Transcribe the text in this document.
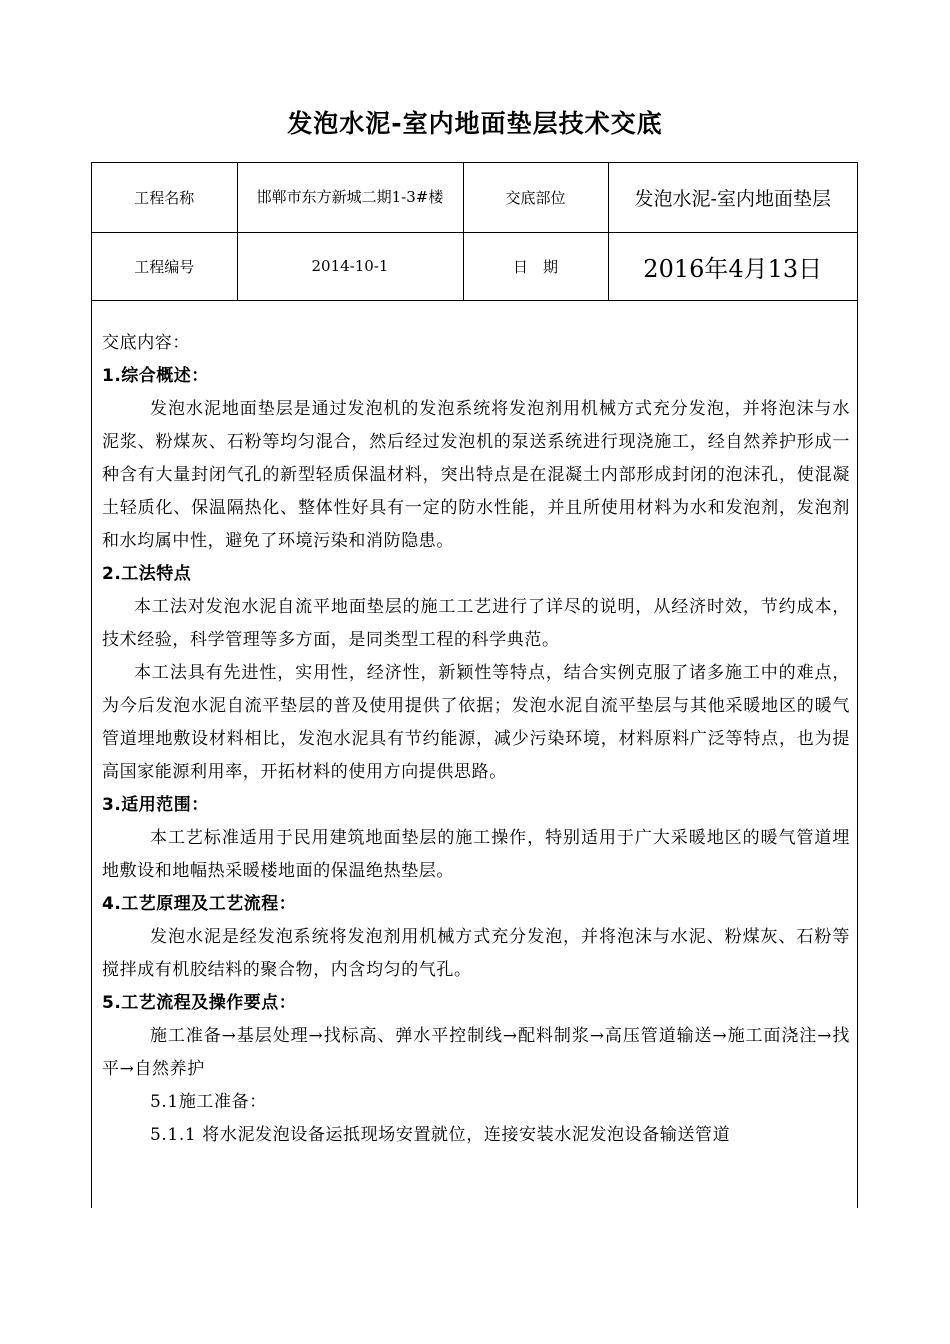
发泡水泥-室内地面垫层技术交底
工程名称	邯郸市东方新城二期1-3#楼	交底部位	发泡水泥-室内地面垫层
工程编号	2014-10-1	日　期	2016年4月13日

交底内容：

1.综合概述：

发泡水泥地面垫层是通过发泡机的发泡系统将发泡剂用机械方式充分发泡，并将泡沫与水泥浆、粉煤灰、石粉等均匀混合，然后经过发泡机的泵送系统进行现浇施工，经自然养护形成一种含有大量封闭气孔的新型轻质保温材料，突出特点是在混凝土内部形成封闭的泡沫孔，使混凝土轻质化、保温隔热化、整体性好具有一定的防水性能，并且所使用材料为水和发泡剂，发泡剂和水均属中性，避免了环境污染和消防隐患。

2.工法特点

本工法对发泡水泥自流平地面垫层的施工工艺进行了详尽的说明，从经济时效，节约成本，技术经验，科学管理等多方面，是同类型工程的科学典范。

本工法具有先进性，实用性，经济性，新颖性等特点，结合实例克服了诸多施工中的难点，为今后发泡水泥自流平垫层的普及使用提供了依据；发泡水泥自流平垫层与其他采暖地区的暖气管道埋地敷设材料相比，发泡水泥具有节约能源，减少污染环境，材料原料广泛等特点，也为提高国家能源利用率，开拓材料的使用方向提供思路。

3.适用范围：

本工艺标准适用于民用建筑地面垫层的施工操作，特别适用于广大采暖地区的暖气管道埋地敷设和地幅热采暖楼地面的保温绝热垫层。

4.工艺原理及工艺流程：

发泡水泥是经发泡系统将发泡剂用机械方式充分发泡，并将泡沫与水泥、粉煤灰、石粉等搅拌成有机胶结料的聚合物，内含均匀的气孔。

5.工艺流程及操作要点：

施工准备→基层处理→找标高、弹水平控制线→配料制浆→高压管道输送→施工面浇注→找平→自然养护

5.1施工准备：

5.1.1 将水泥发泡设备运抵现场安置就位，连接安装水泥发泡设备输送管道
